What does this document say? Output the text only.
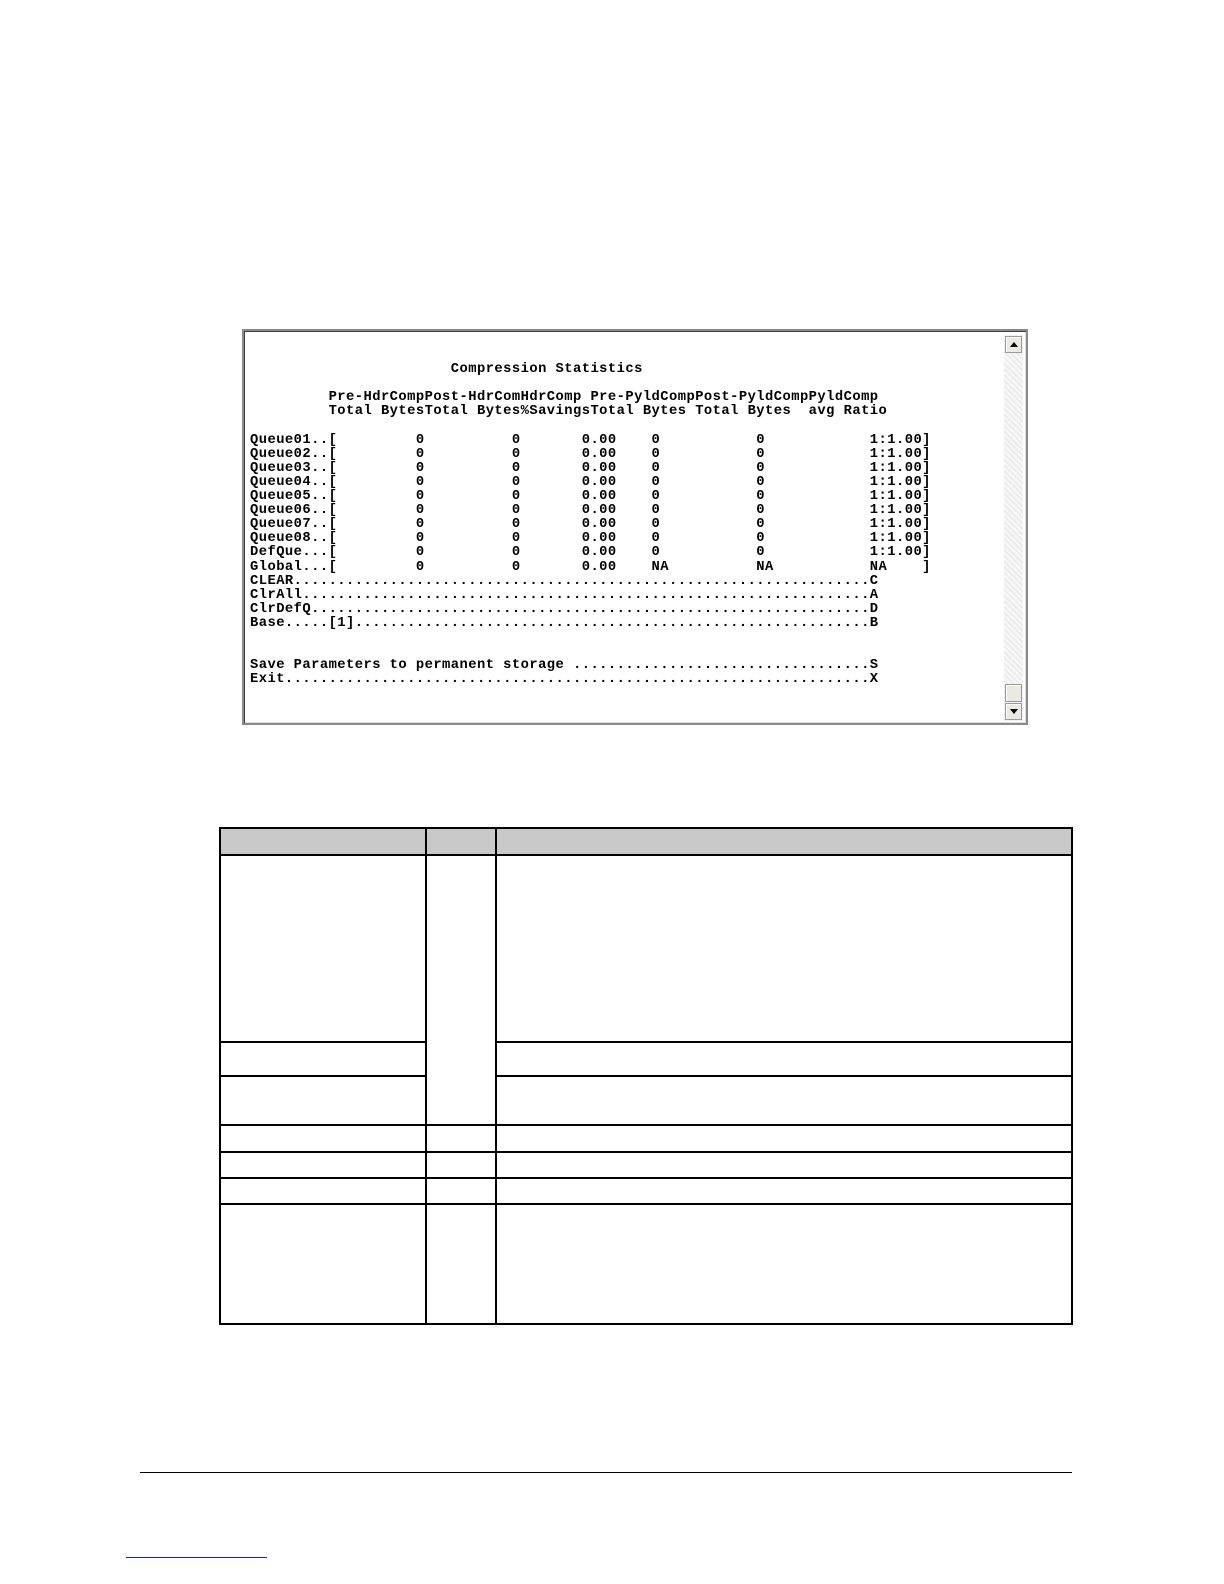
Compression Statistics

Pre-HdrCompPost-HdrComHdrComp Pre-PyldCompPost-PyldCompPyldComp
Total BytesTotal Bytes%SavingsTotal Bytes Total Bytes  avg Ratio

Queue01..[         0          0       0.00    0           0            1:1.00]
Queue02..[         0          0       0.00    0           0            1:1.00]
Queue03..[         0          0       0.00    0           0            1:1.00]
Queue04..[         0          0       0.00    0           0            1:1.00]
Queue05..[         0          0       0.00    0           0            1:1.00]
Queue06..[         0          0       0.00    0           0            1:1.00]
Queue07..[         0          0       0.00    0           0            1:1.00]
Queue08..[         0          0       0.00    0           0            1:1.00]
DefQue...[         0          0       0.00    0           0            1:1.00]
Global...[         0          0       0.00    NA          NA           NA    ]
CLEAR..................................................................C
ClrAll.................................................................A
ClrDefQ................................................................D
Base.....[1]...........................................................B

Save Parameters to permanent storage ..................................S
Exit...................................................................X
